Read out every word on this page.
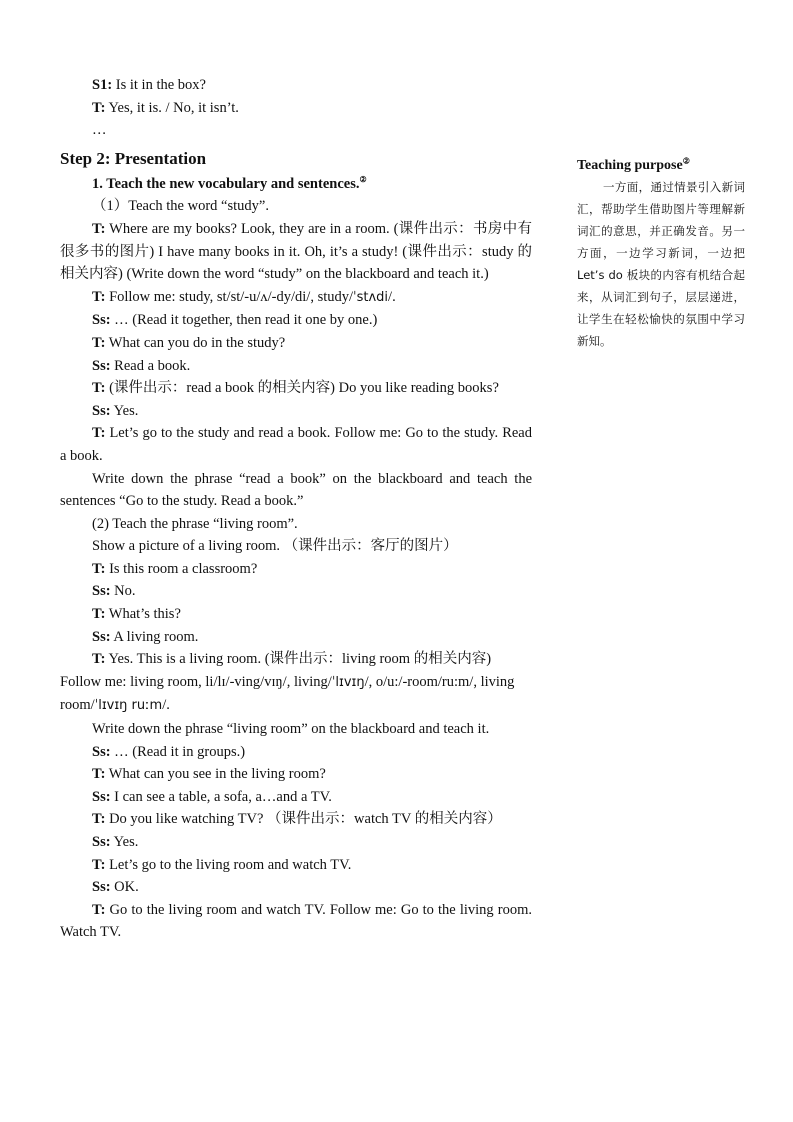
S1: Is it in the box?

T: Yes, it is. / No, it isn’t.

…

Step 2: Presentation

1. Teach the new vocabulary and sentences.②

（1）Teach the word “study”.

T: Where are my books? Look, they are in a room. (课件出示：书房中有很多书的图片) I have many books in it. Oh, it’s a study! (课件出示：study 的相关内容) (Write down the word “study” on the blackboard and teach it.)

T: Follow me: study, st/st/-u/ʌ/-dy/di/, study/ˈstʌdi/.

Ss: … (Read it together, then read it one by one.)

T: What can you do in the study?

Ss: Read a book.

T: (课件出示：read a book 的相关内容) Do you like reading books?

Ss: Yes.

T: Let’s go to the study and read a book. Follow me: Go to the study. Read a book.

Write down the phrase “read a book” on the blackboard and teach the sentences “Go to the study. Read a book.”

(2) Teach the phrase “living room”.

Show a picture of a living room. （课件出示：客厅的图片）

T: Is this room a classroom?

Ss: No.

T: What’s this?

Ss: A living room.

T: Yes. This is a living room. (课件出示：living room 的相关内容) Follow me: living room, li/lɪ/-ving/vɪŋ/, living/ˈlɪvɪŋ/, o/u:/-room/ru:m/, living room/ˈlɪvɪŋ ruːm/.

Write down the phrase “living room” on the blackboard and teach it.

Ss: … (Read it in groups.)

T: What can you see in the living room?

Ss: I can see a table, a sofa, a…and a TV.

T: Do you like watching TV? （课件出示：watch TV 的相关内容）

Ss: Yes.

T: Let’s go to the living room and watch TV.

Ss: OK.

T: Go to the living room and watch TV. Follow me: Go to the living room. Watch TV.

Teaching purpose②

一方面，通过情景引入新词汇，帮助学生借助图片等理解新词汇的意思，并正确发音。另一方面，一边学习新词，一边把 Let’s do 板块的内容有机结合起来，从词汇到句子，层层递进，让学生在轻松愉快的氛围中学习新知。
